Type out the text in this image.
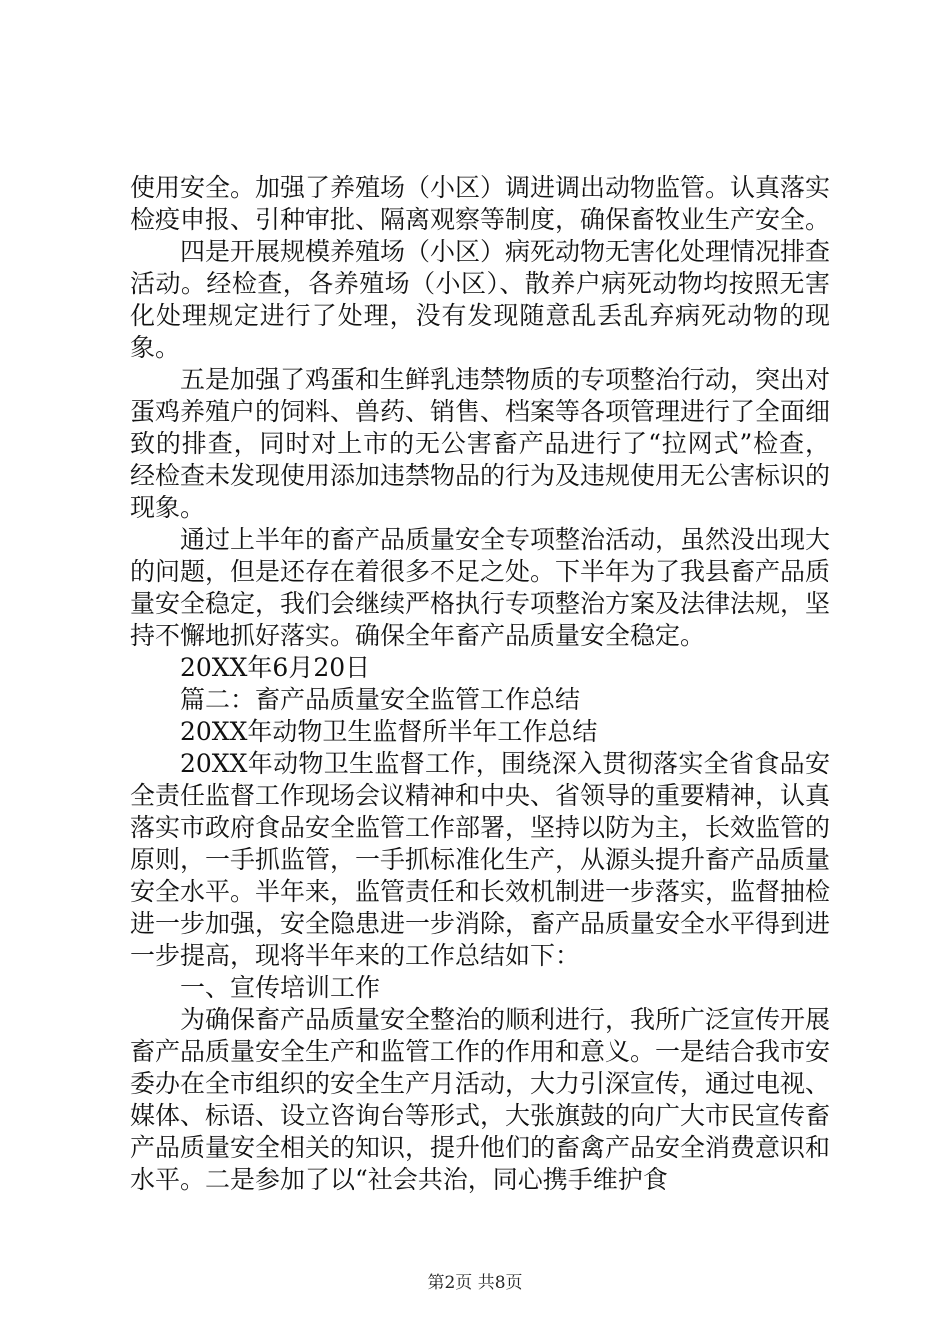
使用安全。加强了养殖场（小区）调进调出动物监管。认真落实检疫申报、引种审批、隔离观察等制度，确保畜牧业生产安全。

四是开展规模养殖场（小区）病死动物无害化处理情况排查活动。经检查，各养殖场（小区）、散养户病死动物均按照无害化处理规定进行了处理，没有发现随意乱丢乱弃病死动物的现象。

五是加强了鸡蛋和生鲜乳违禁物质的专项整治行动，突出对蛋鸡养殖户的饲料、兽药、销售、档案等各项管理进行了全面细致的排查，同时对上市的无公害畜产品进行了“拉网式”检查，经检查未发现使用添加违禁物品的行为及违规使用无公害标识的现象。

通过上半年的畜产品质量安全专项整治活动，虽然没出现大的问题，但是还存在着很多不足之处。下半年为了我县畜产品质量安全稳定，我们会继续严格执行专项整治方案及法律法规，坚持不懈地抓好落实。确保全年畜产品质量安全稳定。

20XX年6月20日

篇二：畜产品质量安全监管工作总结

20XX年动物卫生监督所半年工作总结

20XX年动物卫生监督工作，围绕深入贯彻落实全省食品安全责任监督工作现场会议精神和中央、省领导的重要精神，认真落实市政府食品安全监管工作部署，坚持以防为主，长效监管的原则，一手抓监管，一手抓标准化生产，从源头提升畜产品质量安全水平。半年来，监管责任和长效机制进一步落实，监督抽检进一步加强，安全隐患进一步消除，畜产品质量安全水平得到进一步提高，现将半年来的工作总结如下：

一、宣传培训工作

为确保畜产品质量安全整治的顺利进行，我所广泛宣传开展畜产品质量安全生产和监管工作的作用和意义。一是结合我市安委办在全市组织的安全生产月活动，大力引深宣传，通过电视、媒体、标语、设立咨询台等形式，大张旗鼓的向广大市民宣传畜产品质量安全相关的知识，提升他们的畜禽产品安全消费意识和水平。二是参加了以“社会共治，同心携手维护食

第2页 共8页
